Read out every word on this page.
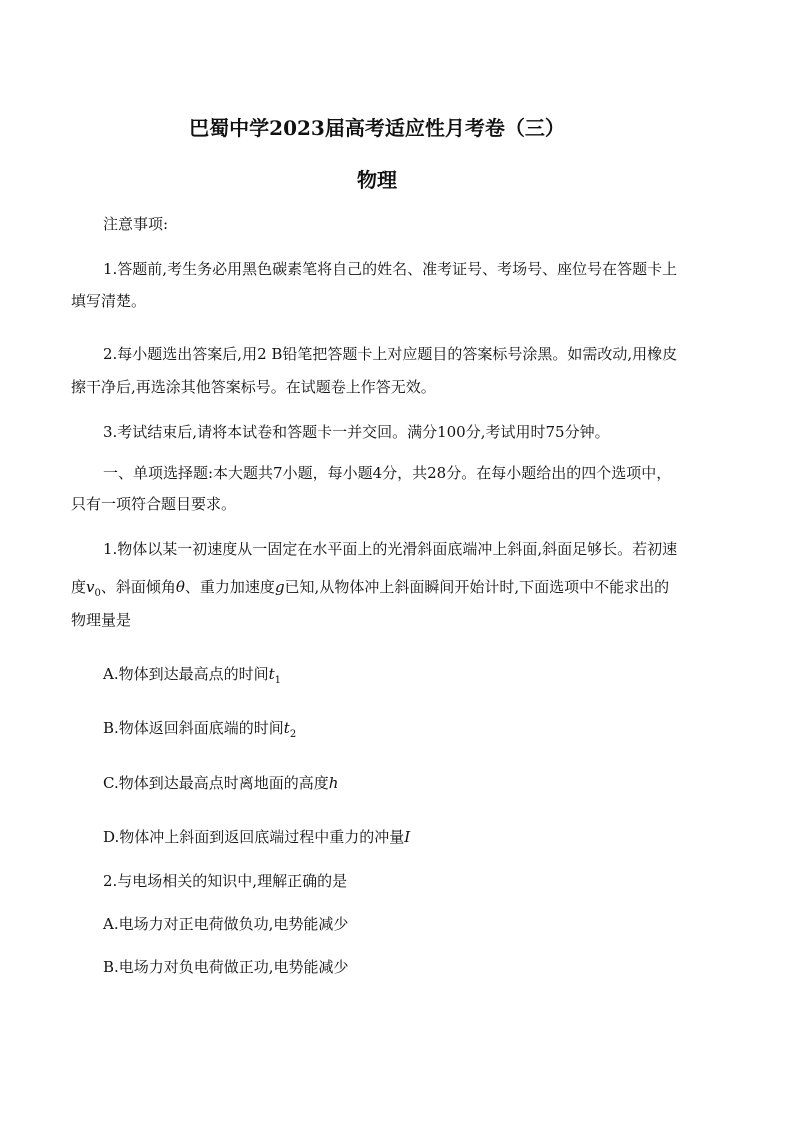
巴蜀中学2023届高考适应性月考卷（三）
物理
注意事项:
1.答题前,考生务必用黑色碳素笔将自己的姓名、准考证号、考场号、座位号在答题卡上
填写清楚。
2.每小题选出答案后,用2 B铅笔把答题卡上对应题目的答案标号涂黑。如需改动,用橡皮
擦干净后,再选涂其他答案标号。在试题卷上作答无效。
3.考试结束后,请将本试卷和答题卡一并交回。满分100分,考试用时75分钟。
一、单项选择题:本大题共7小题，每小题4分，共28分。在每小题给出的四个选项中，
只有一项符合题目要求。
1.物体以某一初速度从一固定在水平面上的光滑斜面底端冲上斜面,斜面足够长。若初速
度$v_0$、斜面倾角θ、重力加速度g已知,从物体冲上斜面瞬间开始计时,下面选项中不能求出的
物理量是
A.物体到达最高点的时间$t_1$
B.物体返回斜面底端的时间$t_2$
C.物体到达最高点时离地面的高度h
D.物体冲上斜面到返回底端过程中重力的冲量I
2.与电场相关的知识中,理解正确的是
A.电场力对正电荷做负功,电势能减少
B.电场力对负电荷做正功,电势能减少
